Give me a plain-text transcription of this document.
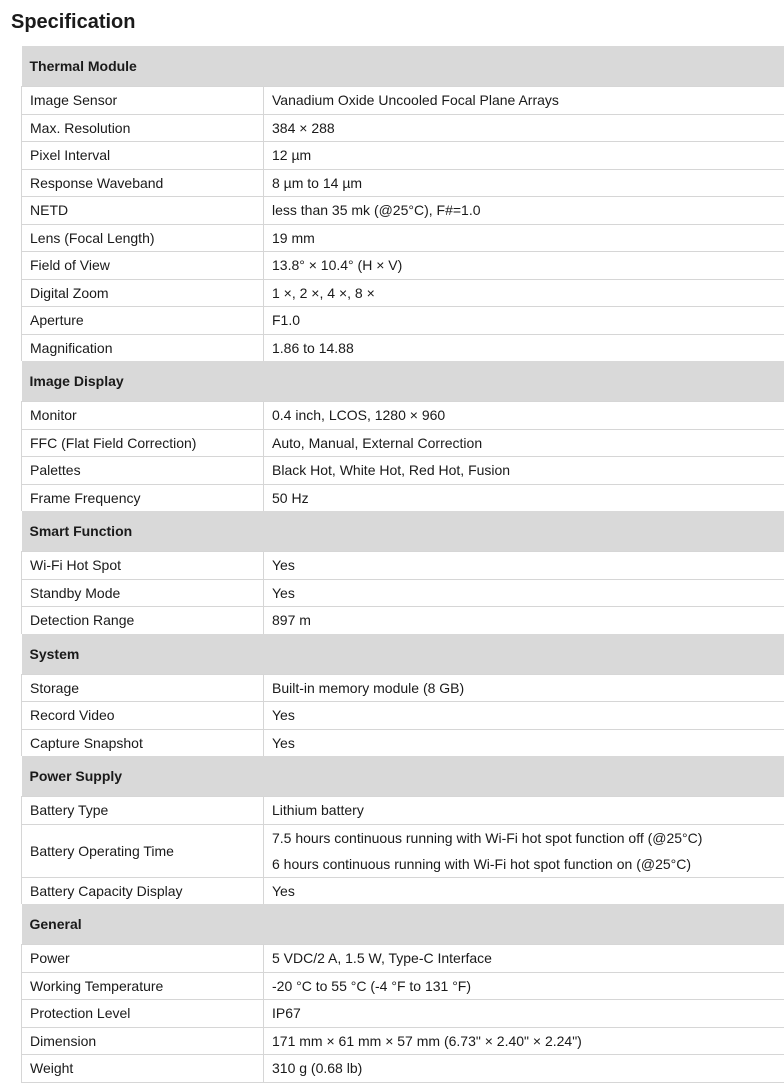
Specification
Thermal Module	
Image Sensor	Vanadium Oxide Uncooled Focal Plane Arrays
Max. Resolution	384 × 288
Pixel Interval	12 µm
Response Waveband	8 µm to 14 µm
NETD	less than 35 mk (@25°C), F#=1.0
Lens (Focal Length)	19 mm
Field of View	13.8° × 10.4° (H × V)
Digital Zoom	1 ×, 2 ×, 4 ×, 8 ×
Aperture	F1.0
Magnification	1.86 to 14.88
Image Display	
Monitor	0.4 inch, LCOS, 1280 × 960
FFC (Flat Field Correction)	Auto, Manual, External Correction
Palettes	Black Hot, White Hot, Red Hot, Fusion
Frame Frequency	50 Hz
Smart Function	
Wi-Fi Hot Spot	Yes
Standby Mode	Yes
Detection Range	897 m
System	
Storage	Built-in memory module (8 GB)
Record Video	Yes
Capture Snapshot	Yes
Power Supply	
Battery Type	Lithium battery
Battery Operating Time	7.5 hours continuous running with Wi-Fi hot spot function off (@25°C)
6 hours continuous running with Wi-Fi hot spot function on (@25°C)

Battery Capacity Display	Yes
General	
Power	5 VDC/2 A, 1.5 W, Type-C Interface
Working Temperature	-20 °C to 55 °C (-4 °F to 131 °F)
Protection Level	IP67
Dimension	171 mm × 61 mm × 57 mm (6.73" × 2.40" × 2.24")
Weight	310 g (0.68 lb)
